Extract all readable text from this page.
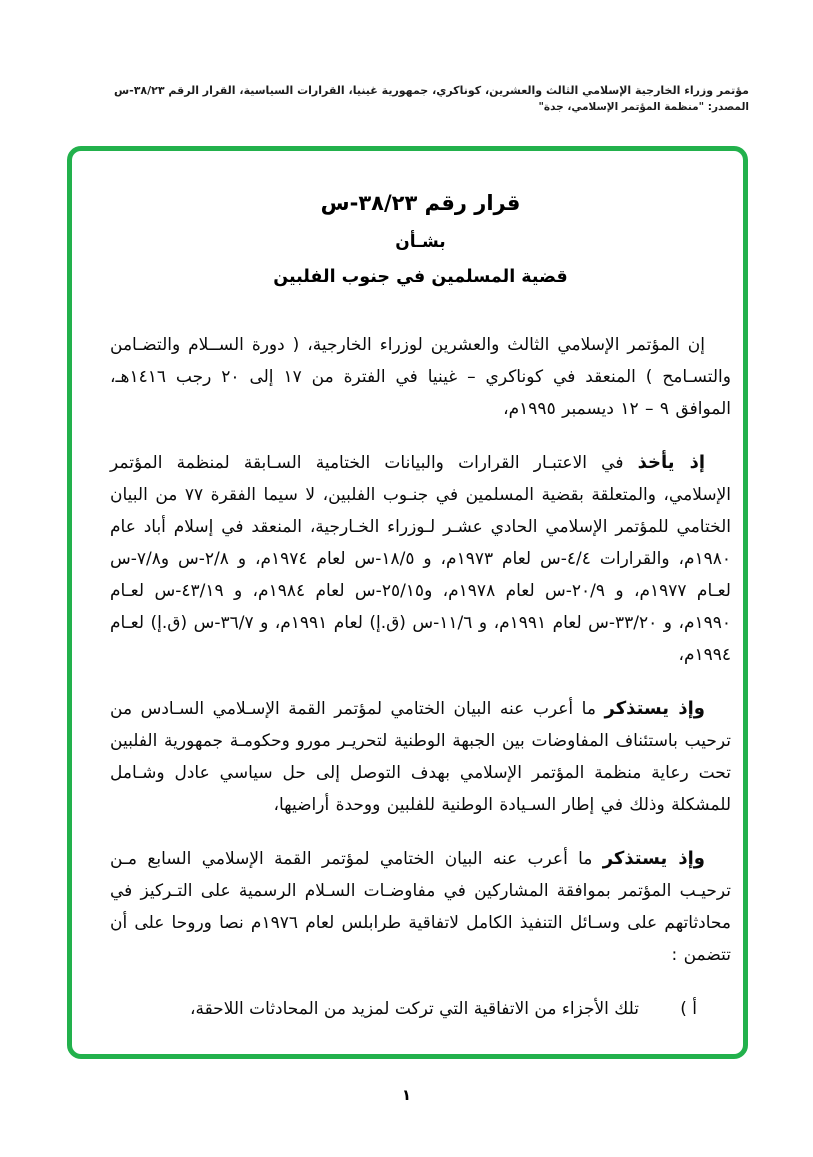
مؤتمر وزراء الخارجية الإسلامي الثالث والعشرين، كوناكري، جمهورية غينيا، القرارات السياسية، القرار الرقم ٣٨/٢٣-س
المصدر: "منظمة المؤتمر الإسلامي، جدة"
قرار رقم ٣٨/٢٣-س
بشـأن
قضية المسلمين في جنوب الفلبين

إن المؤتمر الإسلامي الثالث والعشرين لوزراء الخارجية، ( دورة الســلام والتضـامن والتسـامح ) المنعقد في كوناكري – غينيا في الفترة من ١٧ إلى ٢٠ رجب ١٤١٦هـ، الموافق ٩ – ١٢ ديسمبر ١٩٩٥م،

إذ يأخذ في الاعتبـار القرارات والبيانات الختامية السـابقة لمنظمة المؤتمر الإسلامي، والمتعلقة بقضية المسلمين في جنـوب الفلبين، لا سيما الفقرة ٧٧ من البيان الختامي للمؤتمر الإسلامي الحادي عشـر لـوزراء الخـارجية، المنعقد في إسلام أباد عام ١٩٨٠م، والقرارات ٤/٤-س لعام ١٩٧٣م، و ١٨/٥-س لعام ١٩٧٤م، و ٢/٨-س و٧/٨-س لعـام ١٩٧٧م، و ٢٠/٩-س لعام ١٩٧٨م، و٢٥/١٥-س لعام ١٩٨٤م، و ٤٣/١٩-س لعـام ١٩٩٠م، و ٣٣/٢٠-س لعام ١٩٩١م، و ١١/٦-س (ق.إ) لعام ١٩٩١م، و ٣٦/٧-س (ق.إ) لعـام ١٩٩٤م،

وإذ يستذكر ما أعرب عنه البيان الختامي لمؤتمر القمة الإسـلامي السـادس من ترحيب باستئناف المفاوضات بين الجبهة الوطنية لتحريـر مورو وحكومـة جمهورية الفلبين تحت رعاية منظمة المؤتمر الإسلامي بهدف التوصل إلى حل سياسي عادل وشـامل للمشكلة وذلك في إطار السـيادة الوطنية للفلبين ووحدة أراضيها،

وإذ يستذكر ما أعرب عنه البيان الختامي لمؤتمر القمة الإسلامي السابع مـن ترحيـب المؤتمر بموافقة المشاركين في مفاوضـات السـلام الرسمية على التـركيز في محادثاتهم على وسـائل التنفيذ الكامل لاتفاقية طرابلس لعام ١٩٧٦م نصا وروحا على أن تتضمن :

أ )
تلك الأجزاء من الاتفاقية التي تركت لمزيد من المحادثات اللاحقة،
١
